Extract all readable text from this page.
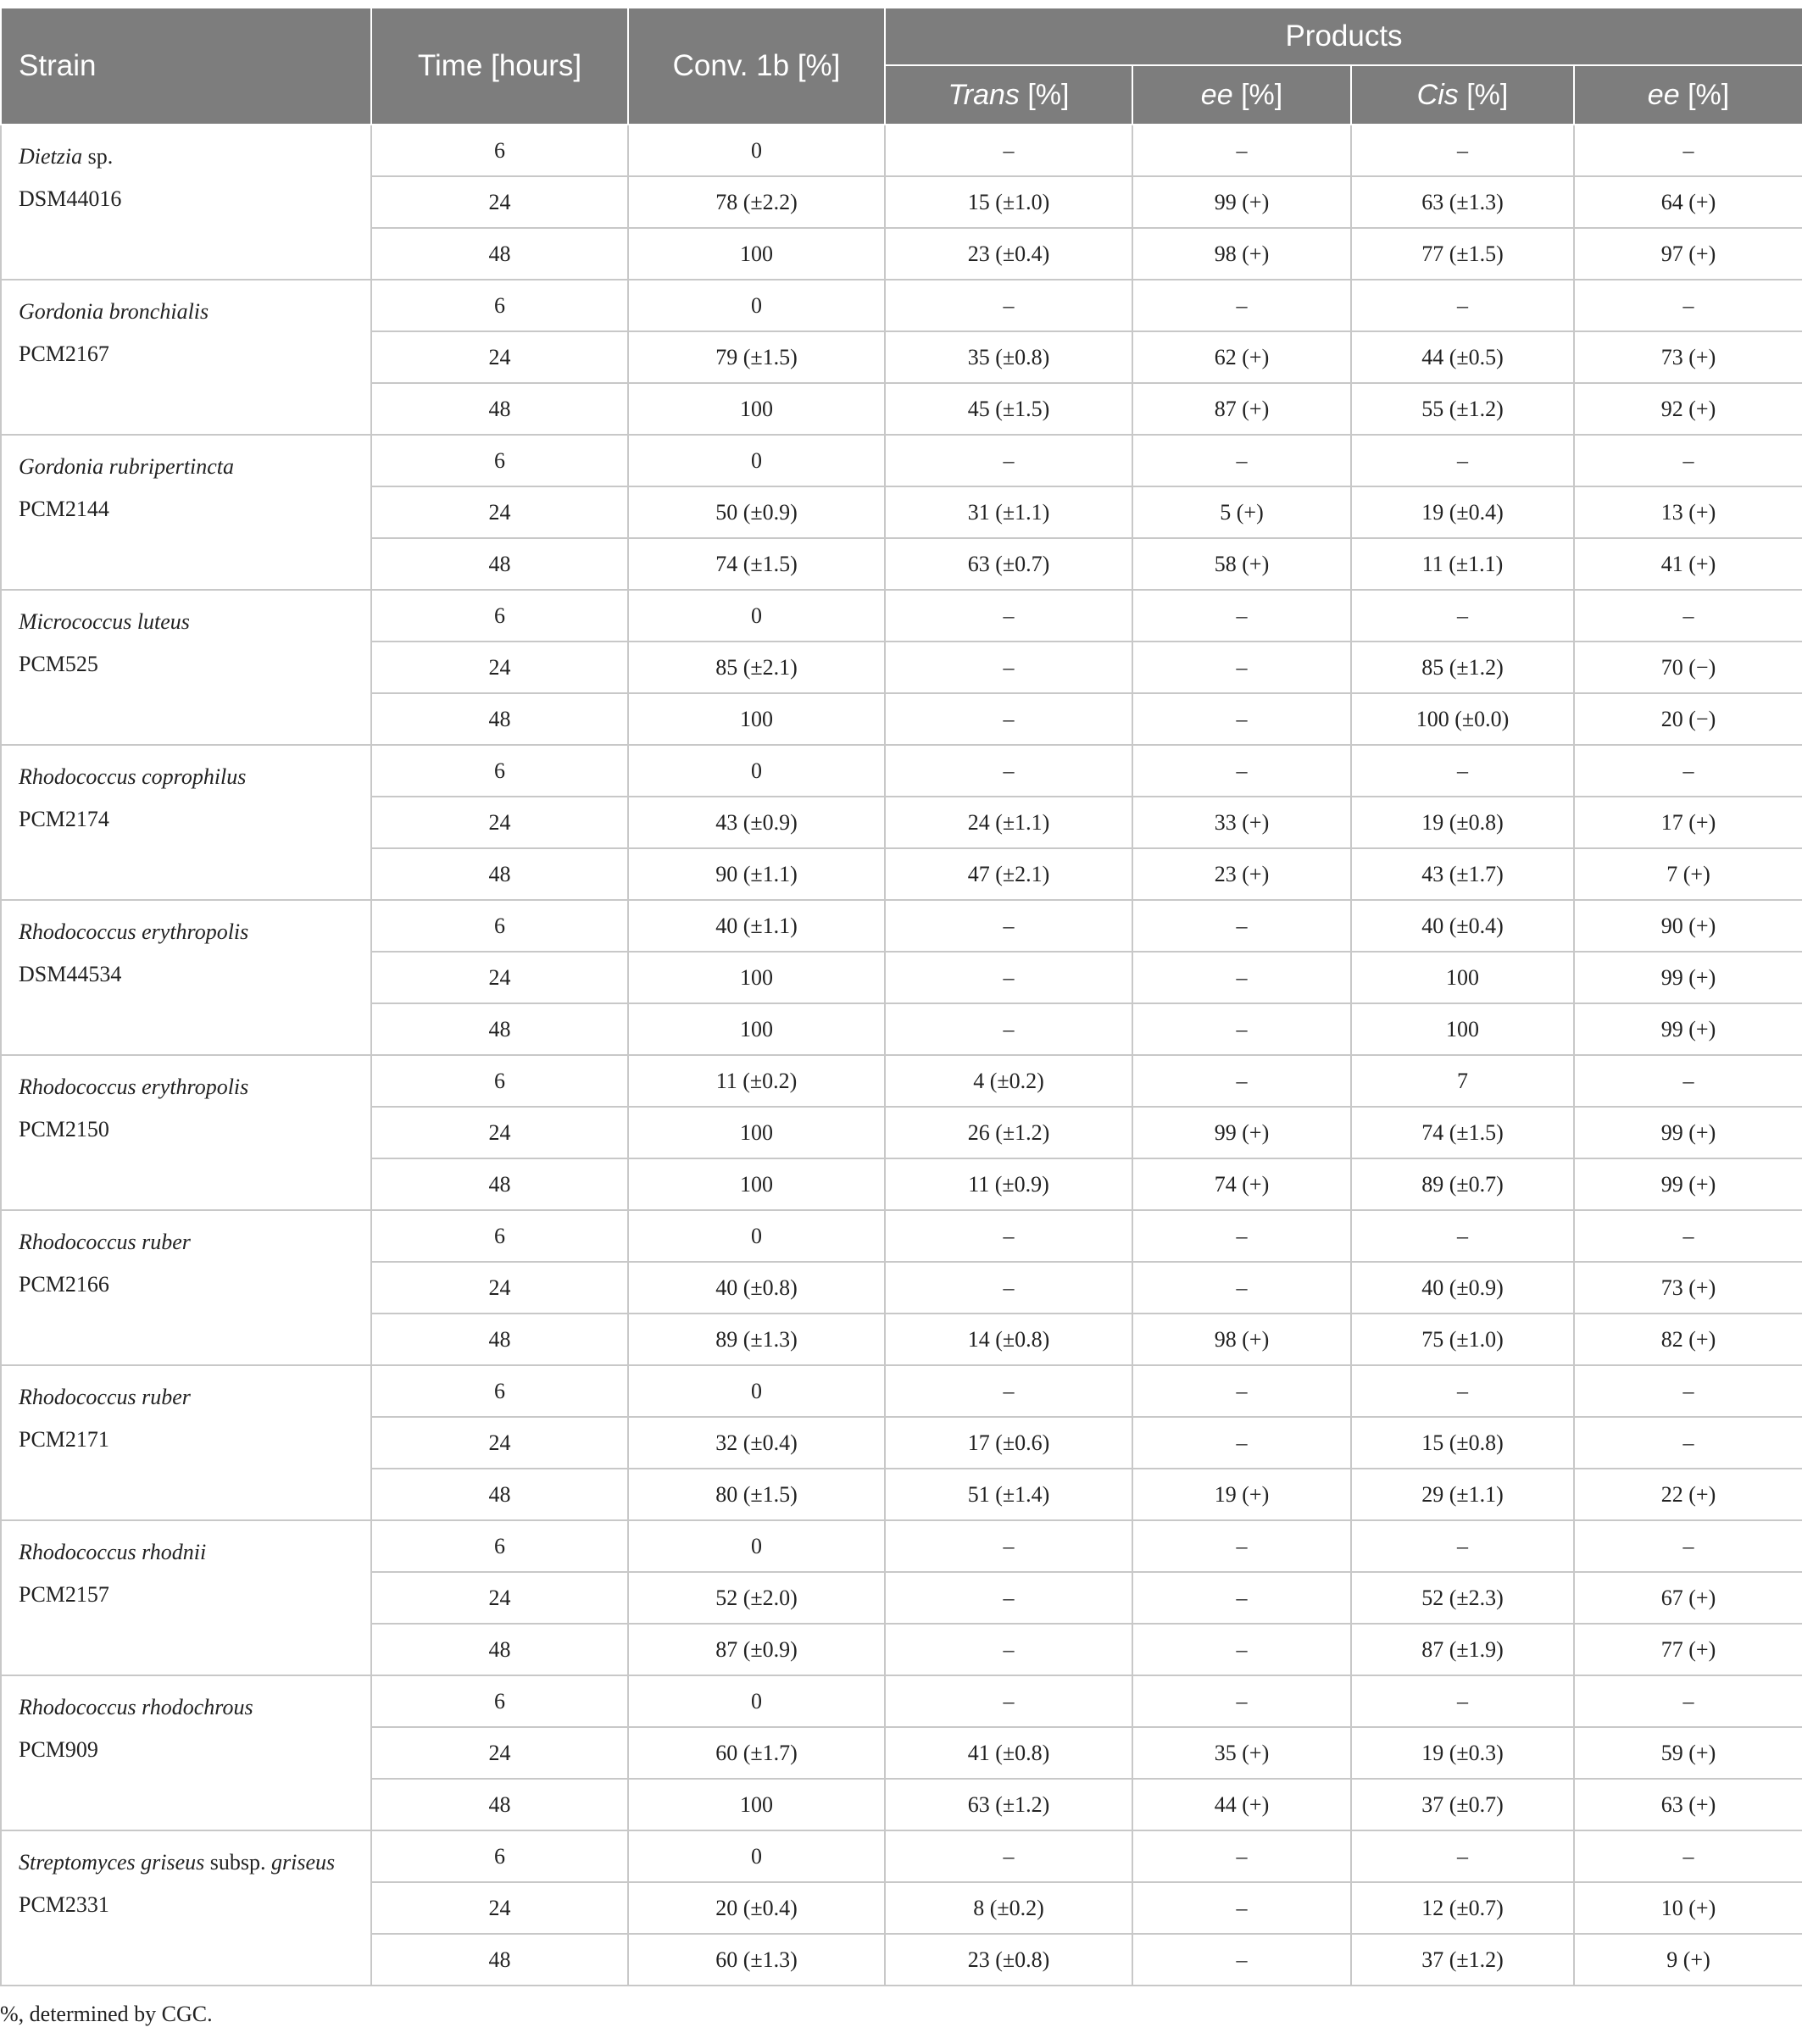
Strain	Time [hours]	Conv. 1b [%]	Products			
			Trans [%]	ee [%]	Cis [%]	ee [%]

Dietzia sp.
DSM44016	6	0	–	–	–	–
	24	78 (±2.2)	15 (±1.0)	99 (+)	63 (±1.3)	64 (+)
	48	100	23 (±0.4)	98 (+)	77 (±1.5)	97 (+)

Gordonia bronchialis
PCM2167	6	0	–	–	–	–
	24	79 (±1.5)	35 (±0.8)	62 (+)	44 (±0.5)	73 (+)
	48	100	45 (±1.5)	87 (+)	55 (±1.2)	92 (+)

Gordonia rubripertincta
PCM2144	6	0	–	–	–	–
	24	50 (±0.9)	31 (±1.1)	5 (+)	19 (±0.4)	13 (+)
	48	74 (±1.5)	63 (±0.7)	58 (+)	11 (±1.1)	41 (+)

Micrococcus luteus
PCM525	6	0	–	–	–	–
	24	85 (±2.1)	–	–	85 (±1.2)	70 (−)
	48	100	–	–	100 (±0.0)	20 (−)

Rhodococcus coprophilus
PCM2174	6	0	–	–	–	–
	24	43 (±0.9)	24 (±1.1)	33 (+)	19 (±0.8)	17 (+)
	48	90 (±1.1)	47 (±2.1)	23 (+)	43 (±1.7)	7 (+)

Rhodococcus erythropolis
DSM44534	6	40 (±1.1)	–	–	40 (±0.4)	90 (+)
	24	100	–	–	100	99 (+)
	48	100	–	–	100	99 (+)

Rhodococcus erythropolis
PCM2150	6	11 (±0.2)	4 (±0.2)	–	7	–
	24	100	26 (±1.2)	99 (+)	74 (±1.5)	99 (+)
	48	100	11 (±0.9)	74 (+)	89 (±0.7)	99 (+)

Rhodococcus ruber
PCM2166	6	0	–	–	–	–
	24	40 (±0.8)	–	–	40 (±0.9)	73 (+)
	48	89 (±1.3)	14 (±0.8)	98 (+)	75 (±1.0)	82 (+)

Rhodococcus ruber
PCM2171	6	0	–	–	–	–
	24	32 (±0.4)	17 (±0.6)	–	15 (±0.8)	–
	48	80 (±1.5)	51 (±1.4)	19 (+)	29 (±1.1)	22 (+)

Rhodococcus rhodnii
PCM2157	6	0	–	–	–	–
	24	52 (±2.0)	–	–	52 (±2.3)	67 (+)
	48	87 (±0.9)	–	–	87 (±1.9)	77 (+)

Rhodococcus rhodochrous
PCM909	6	0	–	–	–	–
	24	60 (±1.7)	41 (±0.8)	35 (+)	19 (±0.3)	59 (+)
	48	100	63 (±1.2)	44 (+)	37 (±0.7)	63 (+)

Streptomyces griseus subsp. griseus
PCM2331	6	0	–	–	–	–
	24	20 (±0.4)	8 (±0.2)	–	12 (±0.7)	10 (+)
	48	60 (±1.3)	23 (±0.8)	–	37 (±1.2)	9 (+)
%, determined by CGC.
